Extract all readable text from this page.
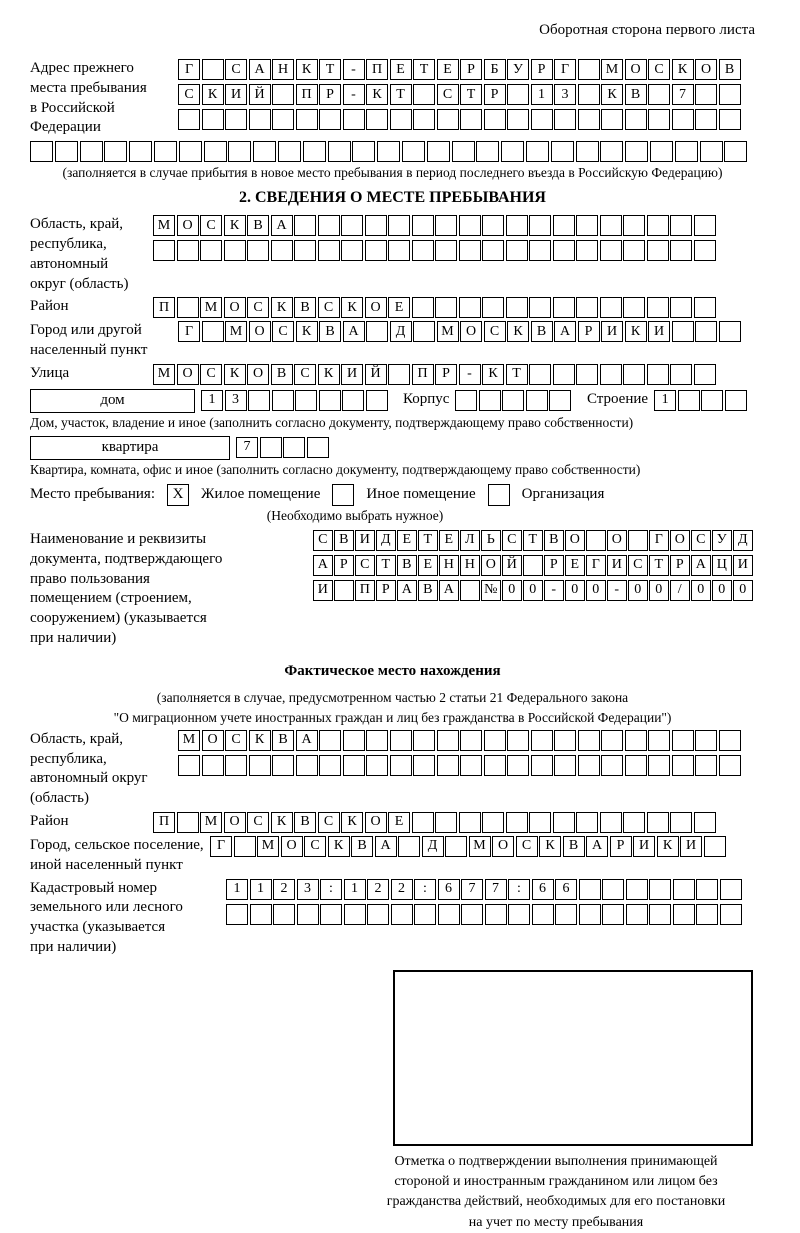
Оборотная сторона первого листа
Адрес прежнего
места пребывания
в Российской
Федерации
Г	С А Н К	Т	-	П	Е	Т	Е	Р	Б	У	Р	Г	М О С	К О В
С	К И Й	П	Р	-	К	Т	С	Т	Р	1	3	К	В	7
(заполняется в случае прибытия в новое место пребывания в период последнего въезда в Российскую Федерацию)
2. СВЕДЕНИЯ О МЕСТЕ ПРЕБЫВАНИЯ
Область, край,
республика,
автономный
округ (область)
М О С	К	В А
Район	П	М О С	К	В	С	К О	Е
Город или другой
населенный пункт
Г	М О С	К	В А	Д	М О С	К	В А	Р	И К И
Улица	М О С	К О В	С	К И Й	П	Р	-	К	Т
дом	1	3	Корпус	Строение 1
Дом, участок, владение и иное (заполнить согласно документу, подтверждающему право собственности)
квартира	7
Квартира, комната, офис и иное (заполнить согласно документу, подтверждающему право собственности)
Место пребывания:	X	Жилое помещение	Иное помещение	Организация
(Необходимо выбрать нужное)
Наименование и реквизиты
документа, подтверждающего
право пользования
помещением (строением,
сооружением) (указывается
при наличии)
С В И Д Е Т Е Л Ь С Т В О	О	Г О С У Д
А Р С Т В Е Н Н О Й	Р Е Г И С Т Р А Ц И
И	П Р А В А	№ 0	0	-	0	0	-	0	0	/	0	0	0
Фактическое место нахождения
(заполняется в случае, предусмотренном частью 2 статьи 21 Федерального закона
"О миграционном учете иностранных граждан и лиц без гражданства в Российской Федерации")
Область, край,
республика,
автономный округ
(область)
М О С	К	В А
Район	П	М О С	К	В	С	К О	Е
Город, сельское поселение,
иной населенный пункт
Г	М О С	К	В А	Д	М О С	К	В А	Р	И К И
Кадастровый номер
земельного или лесного
участка (указывается
при наличии)
1	1	2	3	:	1	2	2	:	6	7	7	:	6	6
Отметка о подтверждении выполнения принимающей
стороной и иностранным гражданином или лицом без
гражданства действий, необходимых для его постановки
на учет по месту пребывания
